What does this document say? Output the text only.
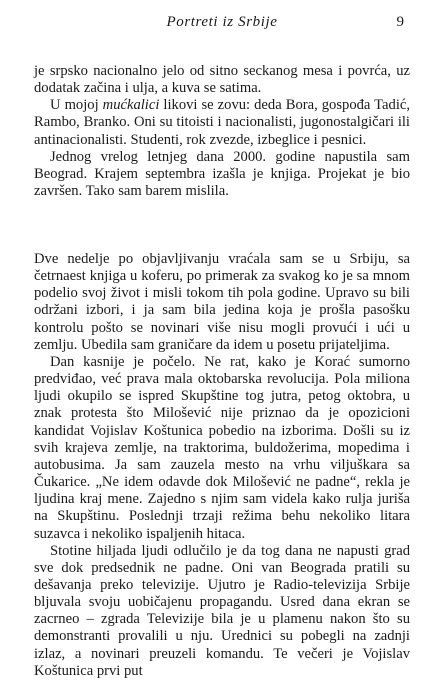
Portreti iz Srbije	9

je srpsko nacionalno jelo od sitno seckanog mesa i povrća, uz dodatak začina i ulja, a kuva se satima.

U mojoj mućkalici likovi se zovu: deda Bora, gospođa Tadić, Rambo, Branko. Oni su titoisti i nacionalisti, jugonostalgičari ili antinacionalisti. Studenti, rok zvezde, izbeglice i pesnici.

Jednog vrelog letnjeg dana 2000. godine napustila sam Beograd. Krajem septembra izašla je knjiga. Projekat je bio završen. Tako sam barem mislila.

Dve nedelje po objavljivanju vraćala sam se u Srbiju, sa četrnaest knjiga u koferu, po primerak za svakog ko je sa mnom podelio svoj život i misli tokom tih pola godine. Upravo su bili održani izbori, i ja sam bila jedina koja je prošla pasošku kontrolu pošto se novinari više nisu mogli provući i ući u zemlju. Ubedila sam graničare da idem u posetu prijateljima.

Dan kasnije je počelo. Ne rat, kako je Korać sumorno predviđao, već prava mala oktobarska revolucija. Pola miliona ljudi okupilo se ispred Skupštine tog jutra, petog oktobra, u znak protesta što Milošević nije priznao da je opozicioni kandidat Vojislav Koštunica pobedio na izborima. Došli su iz svih krajeva zemlje, na traktorima, buldožerima, mopedima i autobusima. Ja sam zauzela mesto na vrhu viljuškara sa Čukarice. „Ne idem odavde dok Milošević ne padne“, rekla je ljudina kraj mene. Zajedno s njim sam videla kako rulja juriša na Skupštinu. Poslednji trzaji režima behu nekoliko litara suzavca i nekoliko ispaljenih hitaca.

Stotine hiljada ljudi odlučilo je da tog dana ne napusti grad sve dok predsednik ne padne. Oni van Beograda pratili su dešavanja preko televizije. Ujutro je Radio-televizija Srbije bljuvala svoju uobičajenu propagandu. Usred dana ekran se zacrneo – zgrada Televizije bila je u plamenu nakon što su demonstranti provalili u nju. Urednici su pobegli na zadnji izlaz, a novinari preuzeli komandu. Te večeri je Vojislav Koštunica prvi put
